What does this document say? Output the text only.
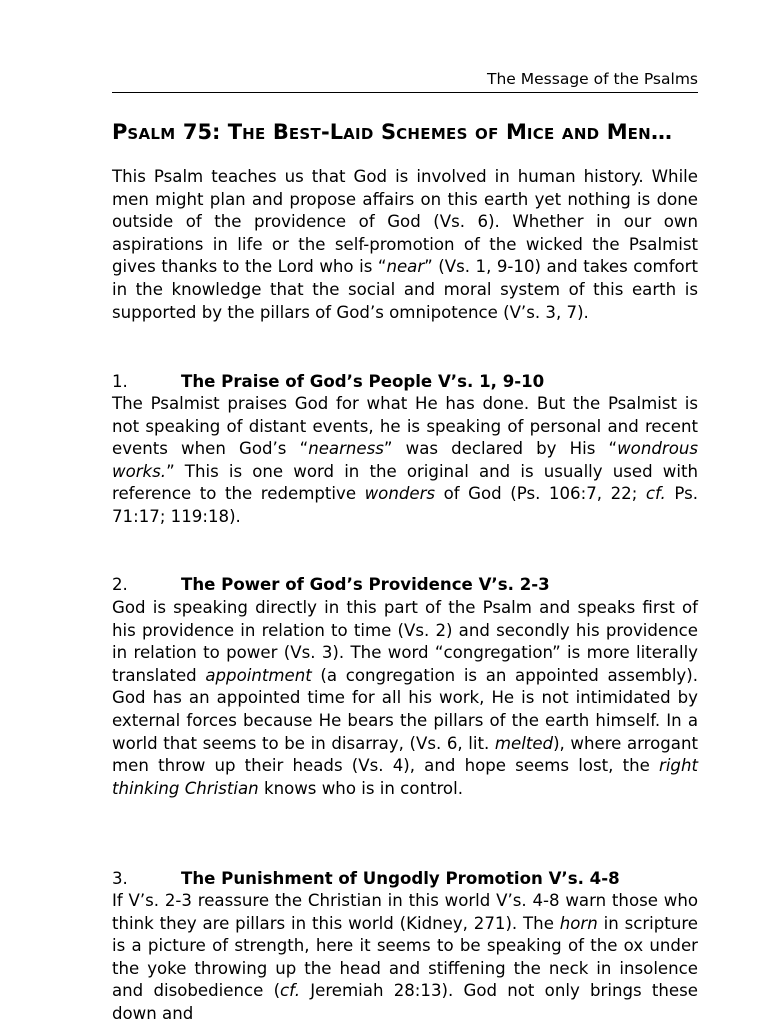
The Message of the Psalms
PSALM 75: THE BEST-LAID SCHEMES OF MICE AND MEN…
This Psalm teaches us that God is involved in human history. While men might plan and propose affairs on this earth yet nothing is done outside of the providence of God (Vs. 6). Whether in our own aspirations in life or the self-promotion of the wicked the Psalmist gives thanks to the Lord who is “near” (Vs. 1, 9-10) and takes comfort in the knowledge that the social and moral system of this earth is supported by the pillars of God’s omnipotence (V’s. 3, 7).
1.	The Praise of God’s People V’s. 1, 9-10
The Psalmist praises God for what He has done. But the Psalmist is not speaking of distant events, he is speaking of personal and recent events when God’s “nearness” was declared by His “wondrous works.” This is one word in the original and is usually used with reference to the redemptive wonders of God (Ps. 106:7, 22; cf. Ps. 71:17; 119:18).
2.	The Power of God’s Providence V’s. 2-3
God is speaking directly in this part of the Psalm and speaks first of his providence in relation to time (Vs. 2) and secondly his providence in relation to power (Vs. 3). The word “congregation” is more literally translated appointment (a congregation is an appointed assembly). God has an appointed time for all his work, He is not intimidated by external forces because He bears the pillars of the earth himself. In a world that seems to be in disarray, (Vs. 6, lit. melted), where arrogant men throw up their heads (Vs. 4), and hope seems lost, the right thinking Christian knows who is in control.
3.	The Punishment of Ungodly Promotion V’s. 4-8
If V’s. 2-3 reassure the Christian in this world V’s. 4-8 warn those who think they are pillars in this world (Kidney, 271). The horn in scripture is a picture of strength, here it seems to be speaking of the ox under the yoke throwing up the head and stiffening the neck in insolence and disobedience (cf. Jeremiah 28:13). God not only brings these down and
